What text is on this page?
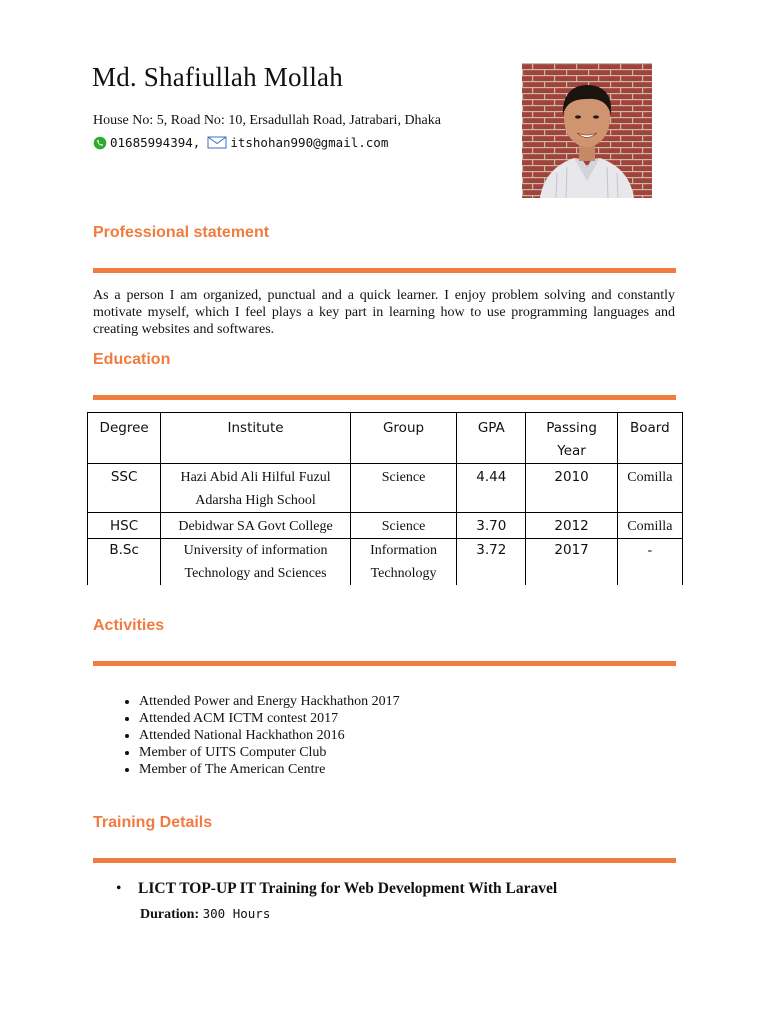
Md. Shafiullah Mollah
House No: 5, Road No: 10, Ersadullah Road, Jatrabari, Dhaka
01685994394, itshohan990@gmail.com
Professional statement
As a person I am organized, punctual and a quick learner. I enjoy problem solving and constantly motivate myself, which I feel plays a key part in learning how to use programming languages and creating websites and softwares.
Education
Degree	Institute	Group	GPA	Passing Year	Board
SSC	Hazi Abid Ali Hilful Fuzul Adarsha High School	Science	4.44	2010	Comilla
HSC	Debidwar SA Govt College	Science	3.70	2012	Comilla
B.Sc	University of information Technology and Sciences	Information Technology	3.72	2017	-
Activities
• Attended Power and Energy Hackhathon 2017
• Attended ACM ICTM contest 2017
• Attended National Hackhathon 2016
• Member of UITS Computer Club
• Member of The American Centre
Training Details
• LICT TOP-UP IT Training for Web Development With Laravel
Duration: 300 Hours
